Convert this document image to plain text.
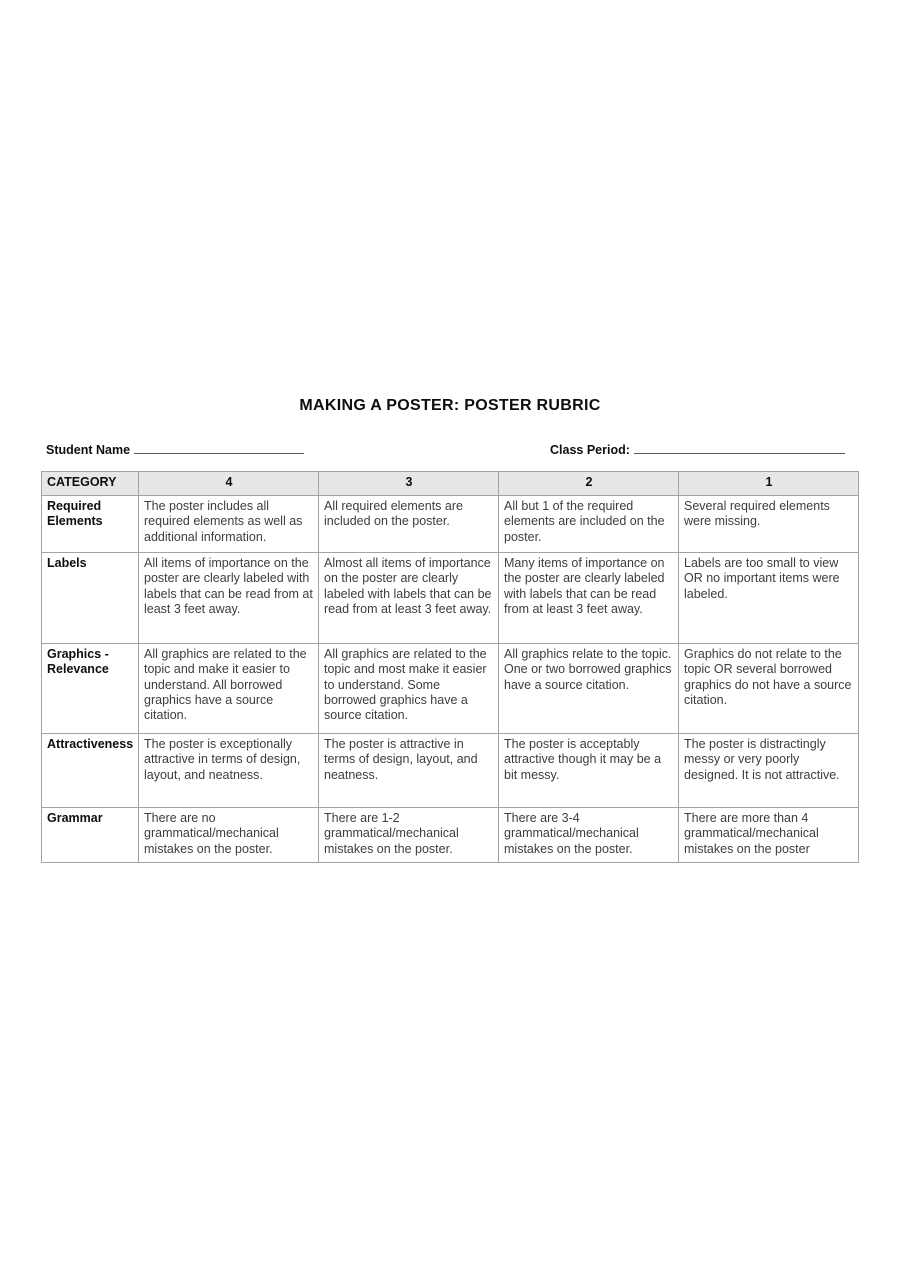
MAKING A POSTER: POSTER RUBRIC
Student Name	Class Period:
CATEGORY	4	3	2	1
Required Elements	The poster includes all required elements as well as additional information.	All required elements are included on the poster.	All but 1 of the required elements are included on the poster.	Several required elements were missing.
Labels	All items of importance on the poster are clearly labeled with labels that can be read from at least 3 feet away.	Almost all items of importance on the poster are clearly labeled with labels that can be read from at least 3 feet away.	Many items of importance on the poster are clearly labeled with labels that can be read from at least 3 feet away.	Labels are too small to view OR no important items were labeled.
Graphics - Relevance	All graphics are related to the topic and make it easier to understand. All borrowed graphics have a source citation.	All graphics are related to the topic and most make it easier to understand. Some borrowed graphics have a source citation.	All graphics relate to the topic. One or two borrowed graphics have a source citation.	Graphics do not relate to the topic OR several borrowed graphics do not have a source citation.
Attractiveness	The poster is exceptionally attractive in terms of design, layout, and neatness.	The poster is attractive in terms of design, layout, and neatness.	The poster is acceptably attractive though it may be a bit messy.	The poster is distractingly messy or very poorly designed. It is not attractive.
Grammar	There are no grammatical/mechanical mistakes on the poster.	There are 1-2 grammatical/mechanical mistakes on the poster.	There are 3-4 grammatical/mechanical mistakes on the poster.	There are more than 4 grammatical/mechanical mistakes on the poster
